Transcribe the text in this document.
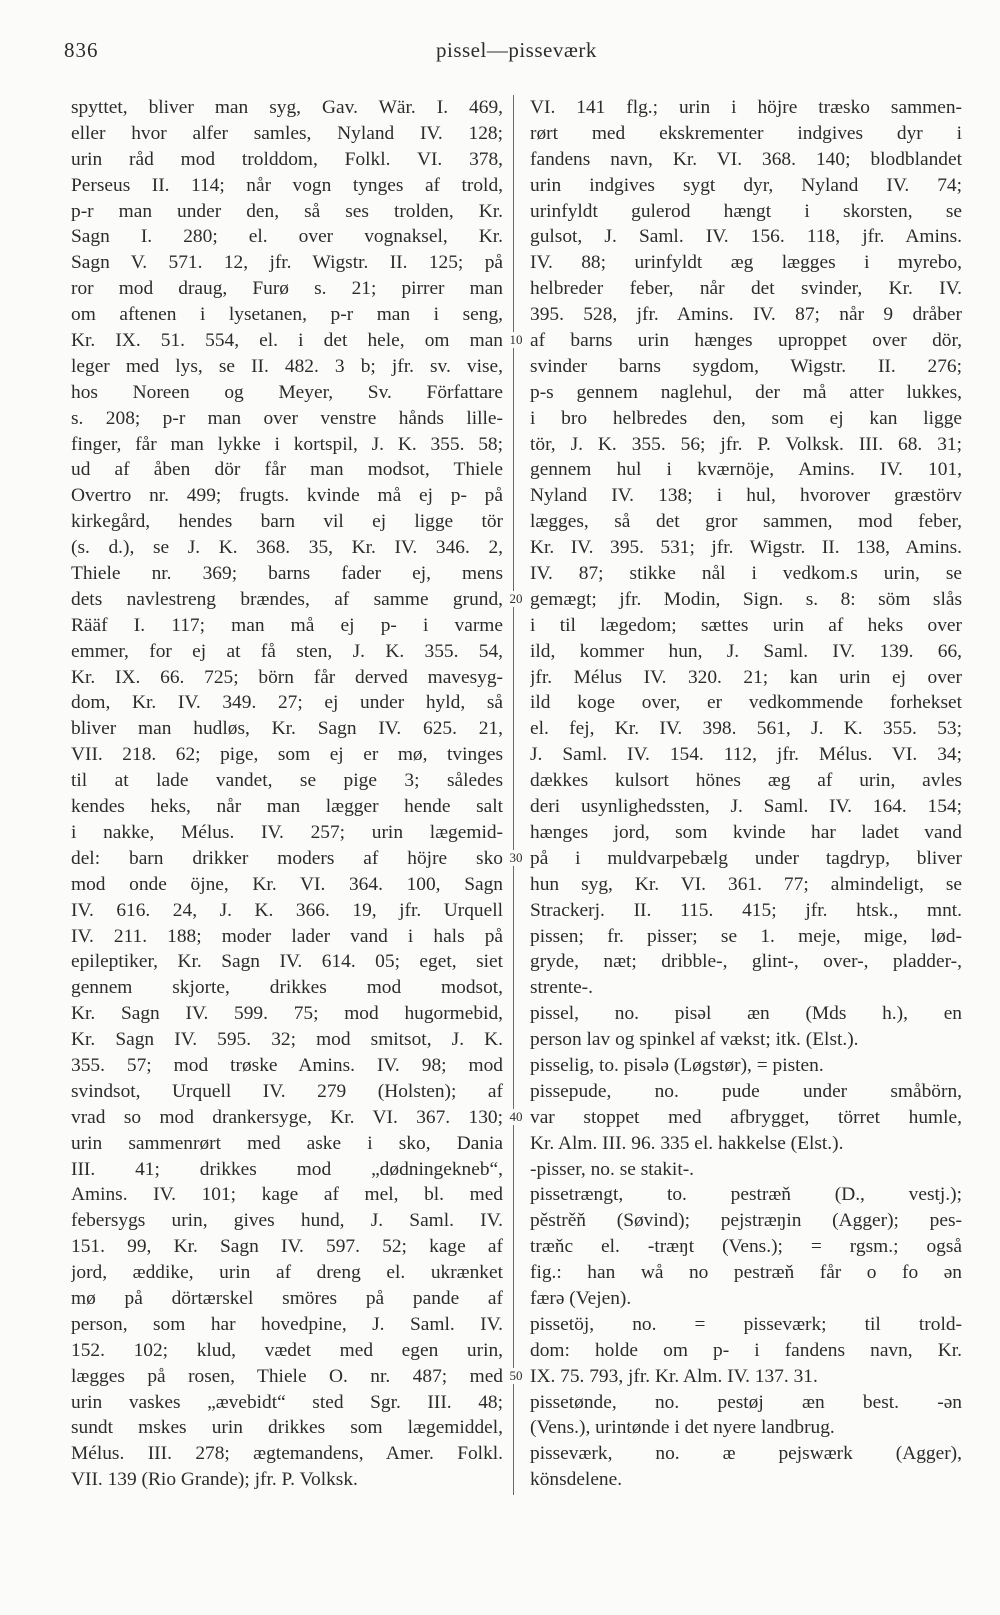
836	pissel—pisseværk
10
20
30
40
50
spyttet, bliver man syg, Gav. Wär. I. 469,
eller hvor alfer samles, Nyland IV. 128;
urin råd mod trolddom, Folkl. VI. 378,
Perseus II. 114; når vogn tynges af trold,
p-r man under den, så ses trolden, Kr.
Sagn I. 280; el. over vognaksel, Kr.
Sagn V. 571. 12, jfr. Wigstr. II. 125; på
ror mod draug, Furø s. 21; pirrer man
om aftenen i lysetanen, p-r man i seng,
Kr. IX. 51. 554, el. i det hele, om man
leger med lys, se II. 482. 3 b; jfr. sv. vise,
hos Noreen og Meyer, Sv. Författare
s. 208; p-r man over venstre hånds lille-
finger, får man lykke i kortspil, J. K. 355. 58;
ud af åben dör får man modsot, Thiele
Overtro nr. 499; frugts. kvinde må ej p- på
kirkegård, hendes barn vil ej ligge tör
(s. d.), se J. K. 368. 35, Kr. IV. 346. 2,
Thiele nr. 369; barns fader ej, mens
dets navlestreng brændes, af samme grund,
Rääf I. 117; man må ej p- i varme
emmer, for ej at få sten, J. K. 355. 54,
Kr. IX. 66. 725; börn får derved mavesyg-
dom, Kr. IV. 349. 27; ej under hyld, så
bliver man hudløs, Kr. Sagn IV. 625. 21,
VII. 218. 62; pige, som ej er mø, tvinges
til at lade vandet, se pige 3; således
kendes heks, når man lægger hende salt
i nakke, Mélus. IV. 257; urin lægemid-
del: barn drikker moders af höjre sko
mod onde öjne, Kr. VI. 364. 100, Sagn
IV. 616. 24, J. K. 366. 19, jfr. Urquell
IV. 211. 188; moder lader vand i hals på
epileptiker, Kr. Sagn IV. 614. 05; eget, siet
gennem skjorte, drikkes mod modsot,
Kr. Sagn IV. 599. 75; mod hugormebid,
Kr. Sagn IV. 595. 32; mod smitsot, J. K.
355. 57; mod trøske Amins. IV. 98; mod
svindsot, Urquell IV. 279 (Holsten); af
vrad so mod drankersyge, Kr. VI. 367. 130;
urin sammenrørt med aske i sko, Dania
III. 41; drikkes mod „dødningekneb“,
Amins. IV. 101; kage af mel, bl. med
febersygs urin, gives hund, J. Saml. IV.
151. 99, Kr. Sagn IV. 597. 52; kage af
jord, æddike, urin af dreng el. ukrænket
mø på dörtærskel smöres på pande af
person, som har hovedpine, J. Saml. IV.
152. 102; klud, vædet med egen urin,
lægges på rosen, Thiele O. nr. 487; med
urin vaskes „ævebidt“ sted Sgr. III. 48;
sundt mskes urin drikkes som lægemiddel,
Mélus. III. 278; ægtemandens, Amer. Folkl.
VII. 139 (Rio Grande); jfr. P. Volksk.
VI. 141 flg.; urin i höjre træsko sammen-
rørt med ekskrementer indgives dyr i
fandens navn, Kr. VI. 368. 140; blodblandet
urin indgives sygt dyr, Nyland IV. 74;
urinfyldt gulerod hængt i skorsten, se
gulsot, J. Saml. IV. 156. 118, jfr. Amins.
IV. 88; urinfyldt æg lægges i myrebo,
helbreder feber, når det svinder, Kr. IV.
395. 528, jfr. Amins. IV. 87; når 9 dråber
af barns urin hænges uproppet over dör,
svinder barns sygdom, Wigstr. II. 276;
p-s gennem naglehul, der må atter lukkes,
i bro helbredes den, som ej kan ligge
tör, J. K. 355. 56; jfr. P. Volksk. III. 68. 31;
gennem hul i kværnöje, Amins. IV. 101,
Nyland IV. 138; i hul, hvorover græstörv
lægges, så det gror sammen, mod feber,
Kr. IV. 395. 531; jfr. Wigstr. II. 138, Amins.
IV. 87; stikke nål i vedkom.s urin, se
gemægt; jfr. Modin, Sign. s. 8: söm slås
i til lægedom; sættes urin af heks over
ild, kommer hun, J. Saml. IV. 139. 66,
jfr. Mélus IV. 320. 21; kan urin ej over
ild koge over, er vedkommende forhekset
el. fej, Kr. IV. 398. 561, J. K. 355. 53;
J. Saml. IV. 154. 112, jfr. Mélus. VI. 34;
dækkes kulsort hönes æg af urin, avles
deri usynlighedssten, J. Saml. IV. 164. 154;
hænges jord, som kvinde har ladet vand
på i muldvarpebælg under tagdryp, bliver
hun syg, Kr. VI. 361. 77; almindeligt, se
Strackerj. II. 115. 415; jfr. htsk., mnt.
pissen; fr. pisser; se 1. meje, mige, lød-
gryde, næt; dribble-, glint-, over-, pladder-,
strente-.
pissel, no. pisəl æn (Mds h.), en
person lav og spinkel af vækst; itk. (Elst.).
pisselig, to. pisələ (Løgstør), = pisten.
pissepude, no. pude under småbörn,
var stoppet med afbrygget, törret humle,
Kr. Alm. III. 96. 335 el. hakkelse (Elst.).
-pisser, no. se stakit-.
pissetrængt, to. pestræň (D., vestj.);
pěstrěň (Søvind); pejstræŋin (Agger); pes-
træňc el. -træŋt (Vens.); = rgsm.; også
fig.: han wå no pestræň får o fo ən
færə (Vejen).
pissetöj, no. = pisseværk; til trold-
dom: holde om p- i fandens navn, Kr.
IX. 75. 793, jfr. Kr. Alm. IV. 137. 31.
pissetønde, no. pestøj æn best. -ən
(Vens.), urintønde i det nyere landbrug.
pisseværk, no. æ pejswærk (Agger),
könsdelene.
